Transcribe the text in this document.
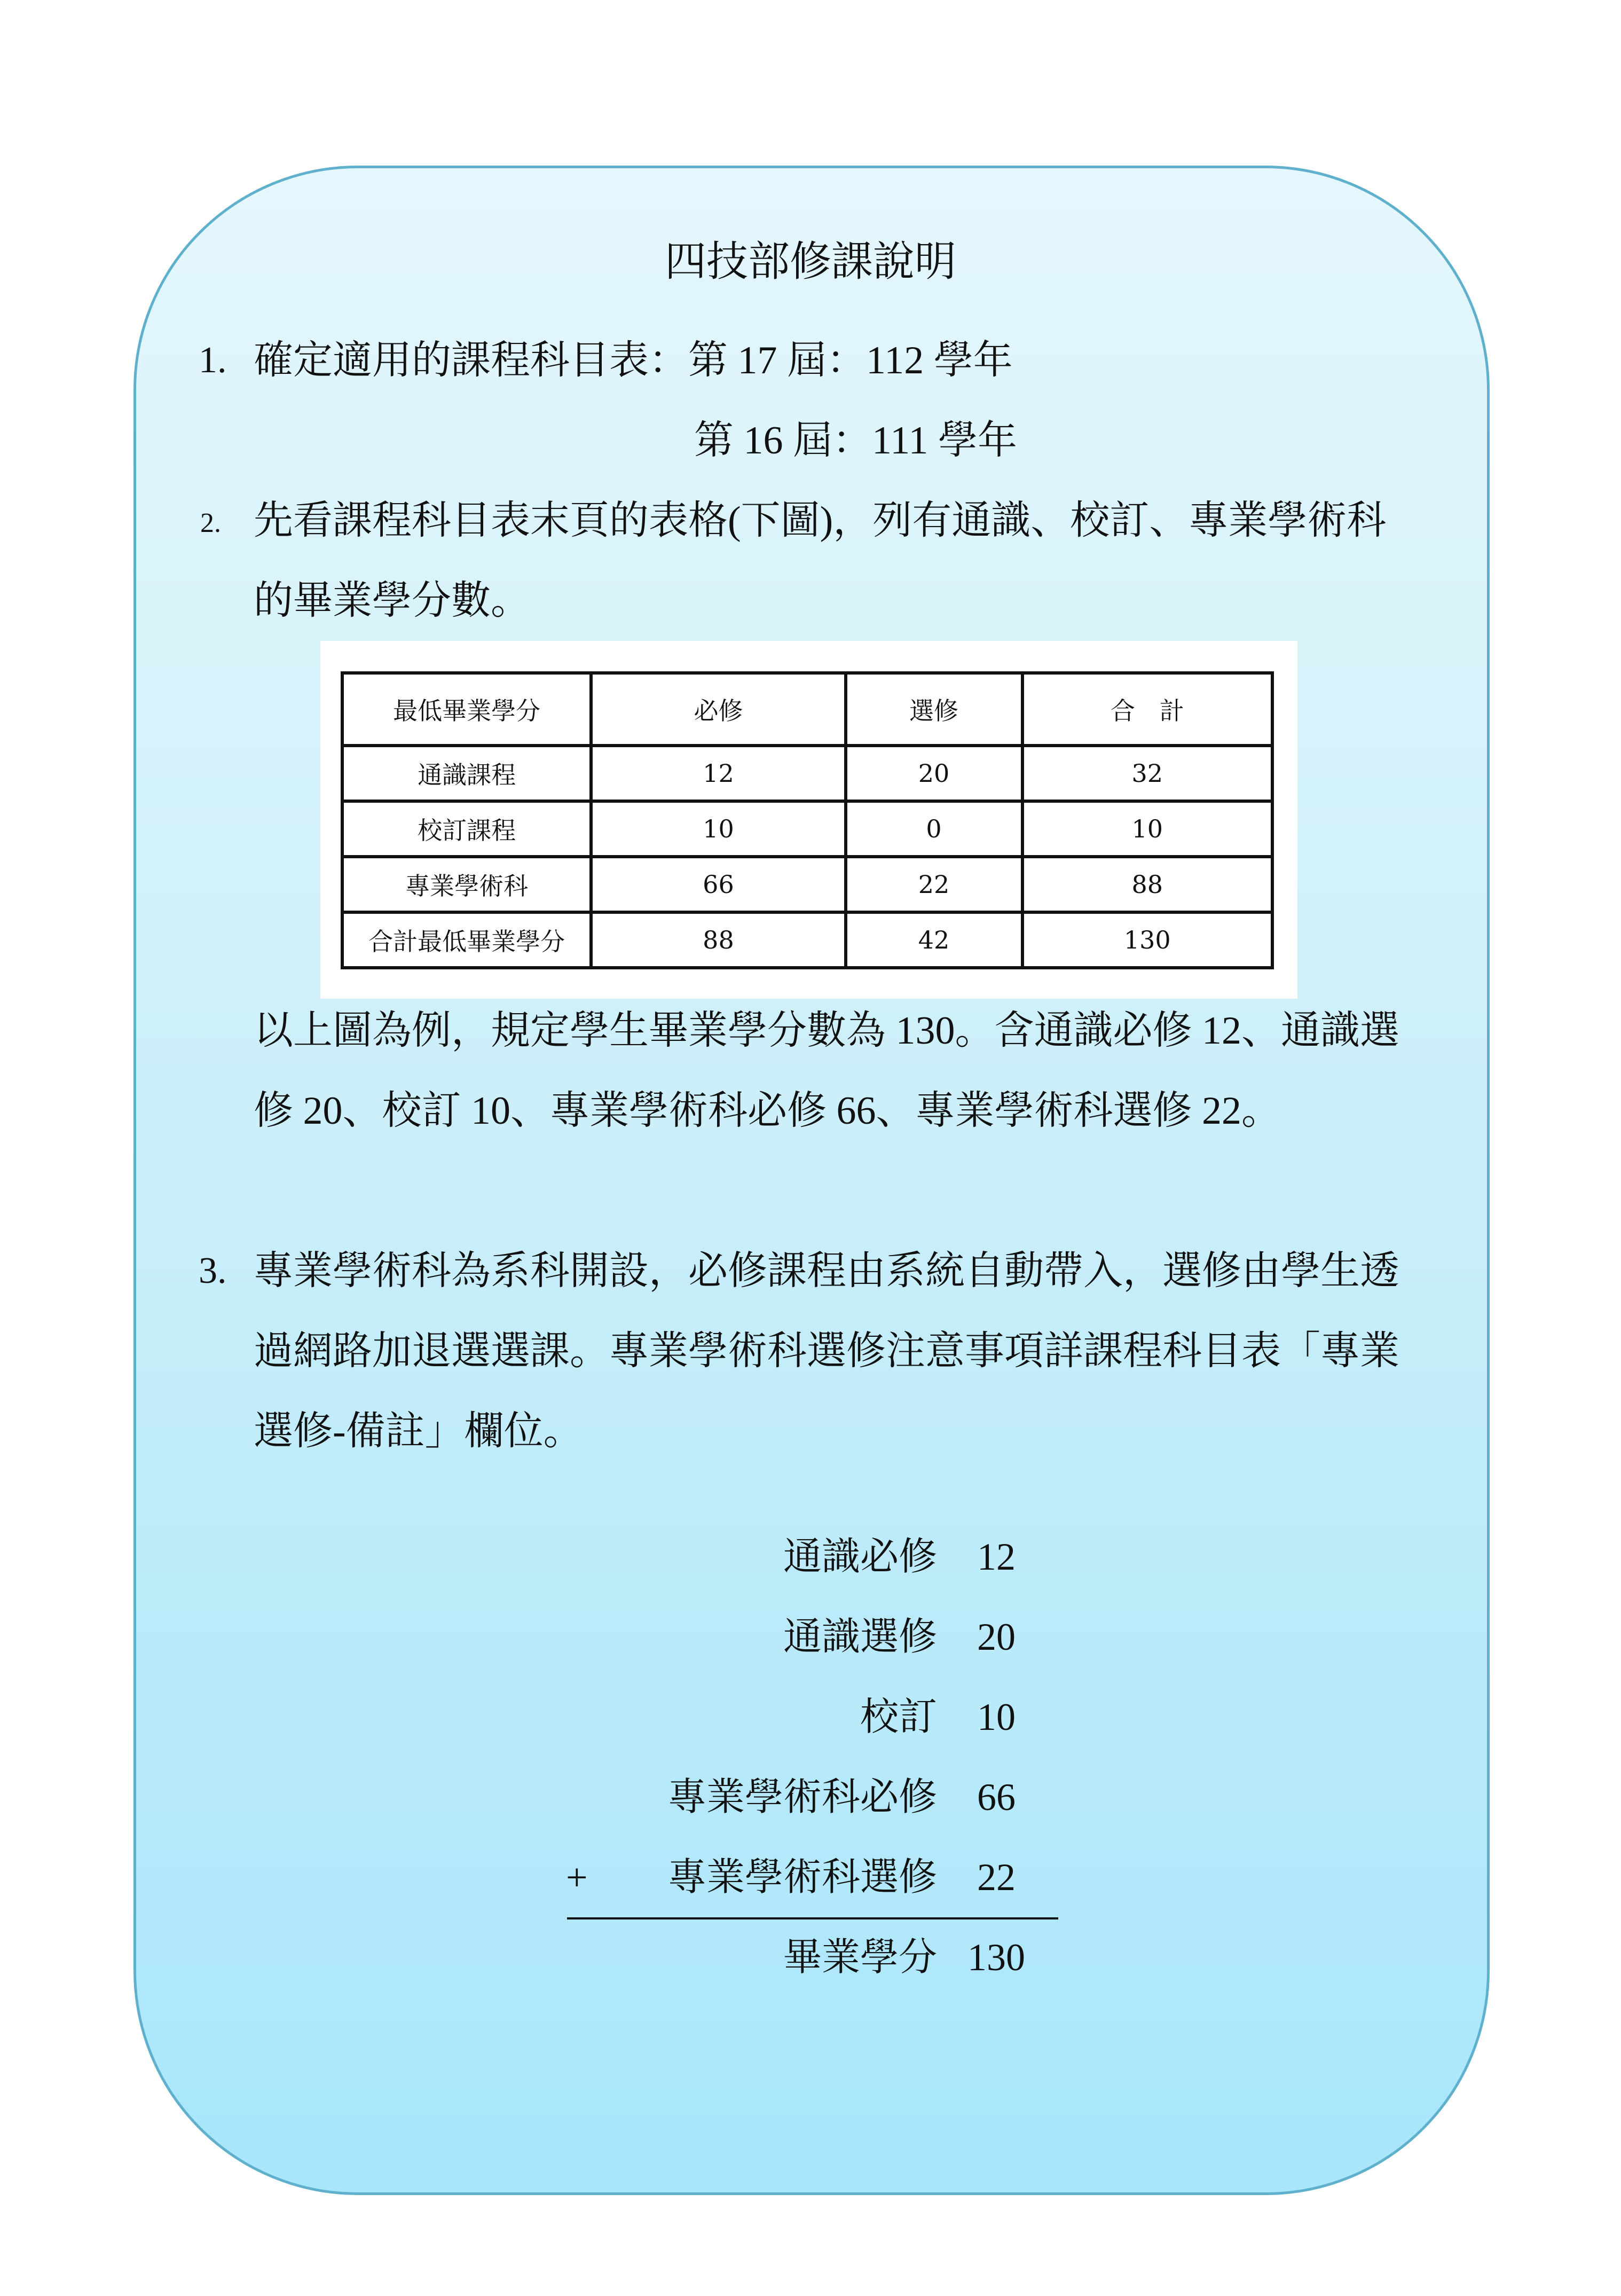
四技部修課說明
1. 確定適用的課程科目表：第 17 屆：112 學年
第 16 屆：111 學年
2. 先看課程科目表末頁的表格(下圖)，列有通識、校訂、專業學術科
的畢業學分數。
最低畢業學分	必修	選修	合　計
通識課程	12	20	32
校訂課程	10	0	10
專業學術科	66	22	88
合計最低畢業學分	88	42	130
以上圖為例，規定學生畢業學分數為 130。含通識必修 12、通識選
修 20、校訂 10、專業學術科必修 66、專業學術科選修 22。
3. 專業學術科為系科開設，必修課程由系統自動帶入，選修由學生透
過網路加退選選課。專業學術科選修注意事項詳課程科目表「專業
選修-備註」欄位。
通識必修 12
通識選修 20
校訂 10
專業學術科必修 66
+ 專業學術科選修 22
畢業學分 130
